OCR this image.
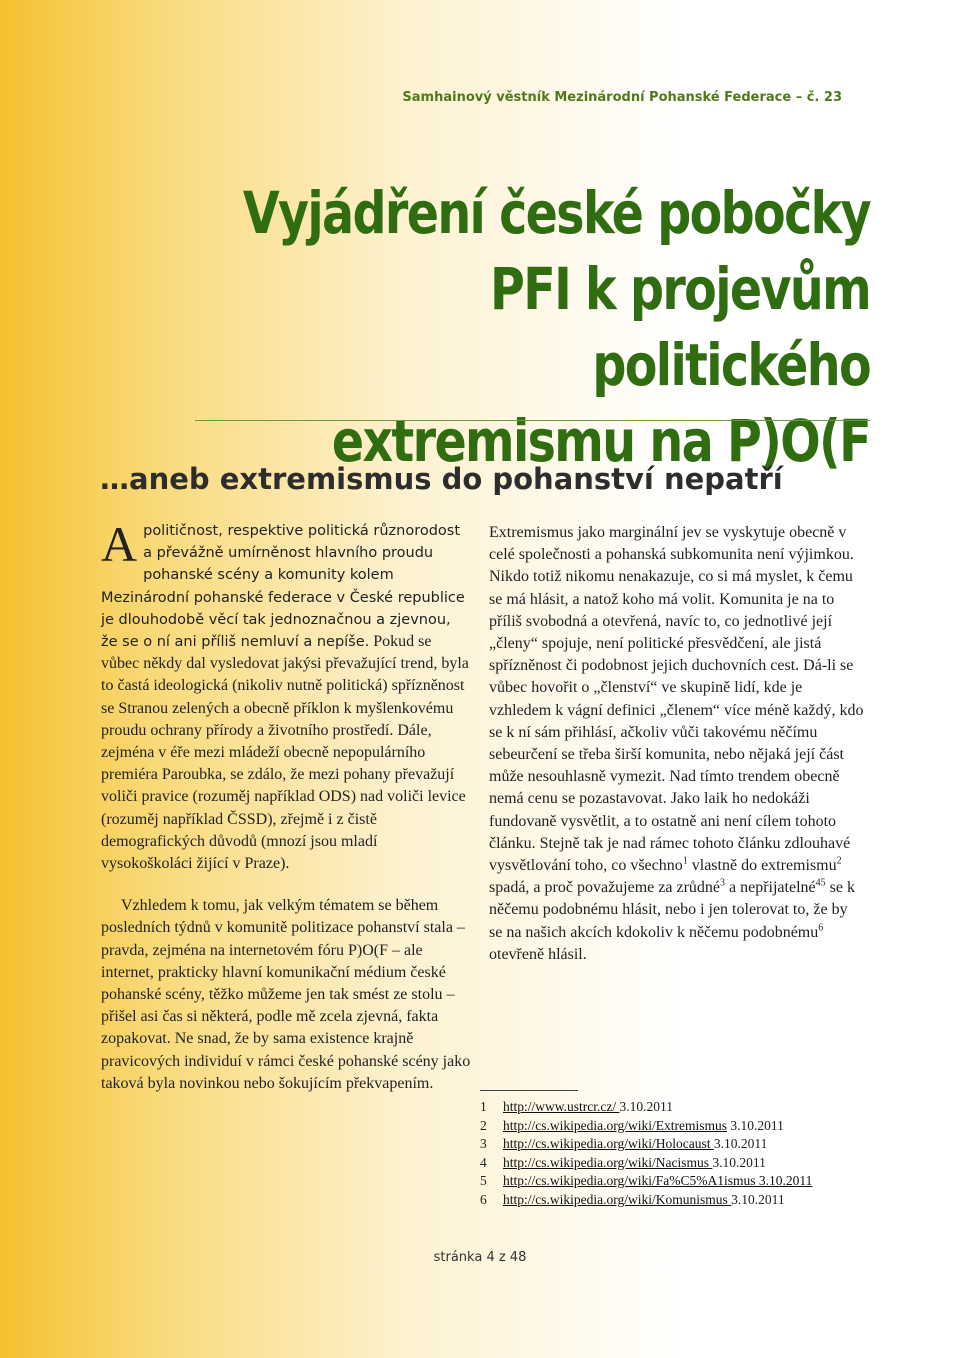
Samhainový věstník Mezinárodní Pohanské Federace – č. 23
Vyjádření české pobočky
PFI k projevům politického
extremismu na P)O(F
…aneb extremismus do pohanství nepatří

Apolitičnost, respektive politická různorodost a převážně umírněnost hlavního proudu pohanské scény a komunity kolem Mezinárodní pohanské federace v České republice je dlouhodobě věcí tak jednoznačnou a zjevnou, že se o ní ani příliš nemluví a nepíše. Pokud se vůbec někdy dal vysledovat jakýsi převažující trend, byla to častá ideologická (nikoliv nutně politická) spřízněnost se Stranou zelených a obecně příklon k myšlenkovému proudu ochrany přírody a životního prostředí. Dále, zejména v éře mezi mládeží obecně nepopulárního premiéra Paroubka, se zdálo, že mezi pohany převažují voliči pravice (rozuměj například ODS) nad voliči levice (rozuměj například ČSSD), zřejmě i z čistě demografických důvodů (mnozí jsou mladí vysokoškoláci žijící v Praze).

Vzhledem k tomu, jak velkým tématem se během posledních týdnů v komunitě politizace pohanství stala – pravda, zejména na internetovém fóru P)O(F – ale internet, prakticky hlavní komunikační médium české pohanské scény, těžko můžeme jen tak smést ze stolu – přišel asi čas si některá, podle mě zcela zjevná, fakta zopakovat. Ne snad, že by sama existence krajně pravicových individuí v rámci české pohanské scény jako taková byla novinkou nebo šokujícím překvapením.

Extremismus jako marginální jev se vyskytuje obecně v celé společnosti a pohanská subkomunita není výjimkou. Nikdo totiž nikomu nenakazuje, co si má myslet, k čemu se má hlásit, a natož koho má volit. Komunita je na to příliš svobodná a otevřená, navíc to, co jednotlivé její „členy“ spojuje, není politické přesvědčení, ale jistá spřízněnost či podobnost jejich duchovních cest. Dá-li se vůbec hovořit o „členství“ ve skupině lidí, kde je vzhledem k vágní definici „členem“ více méně každý, kdo se k ní sám přihlásí, ačkoliv vůči takovému něčímu sebeurčení se třeba širší komunita, nebo nějaká její část může nesouhlasně vymezit. Nad tímto trendem obecně nemá cenu se pozastavovat. Jako laik ho nedokáži fundovaně vysvětlit, a to ostatně ani není cílem tohoto článku. Stejně tak je nad rámec tohoto článku zdlouhavé vysvětlování toho, co všechno$^1$ vlastně do extremismu$^2$ spadá, a proč považujeme za zrůdné$^3$ a nepřijatelné$^{45}$ se k něčemu podobnému hlásit, nebo i jen tolerovat to, že by se na našich akcích kdokoliv k něčemu podobnému$^6$ otevřeně hlásil.

1	http://www.ustrcr.cz/ 3.10.2011
2	http://cs.wikipedia.org/wiki/Extremismus 3.10.2011
3	http://cs.wikipedia.org/wiki/Holocaust 3.10.2011
4	http://cs.wikipedia.org/wiki/Nacismus 3.10.2011
5	http://cs.wikipedia.org/wiki/Fa%C5%A1ismus 3.10.2011
6	http://cs.wikipedia.org/wiki/Komunismus 3.10.2011
stránka 4 z 48
